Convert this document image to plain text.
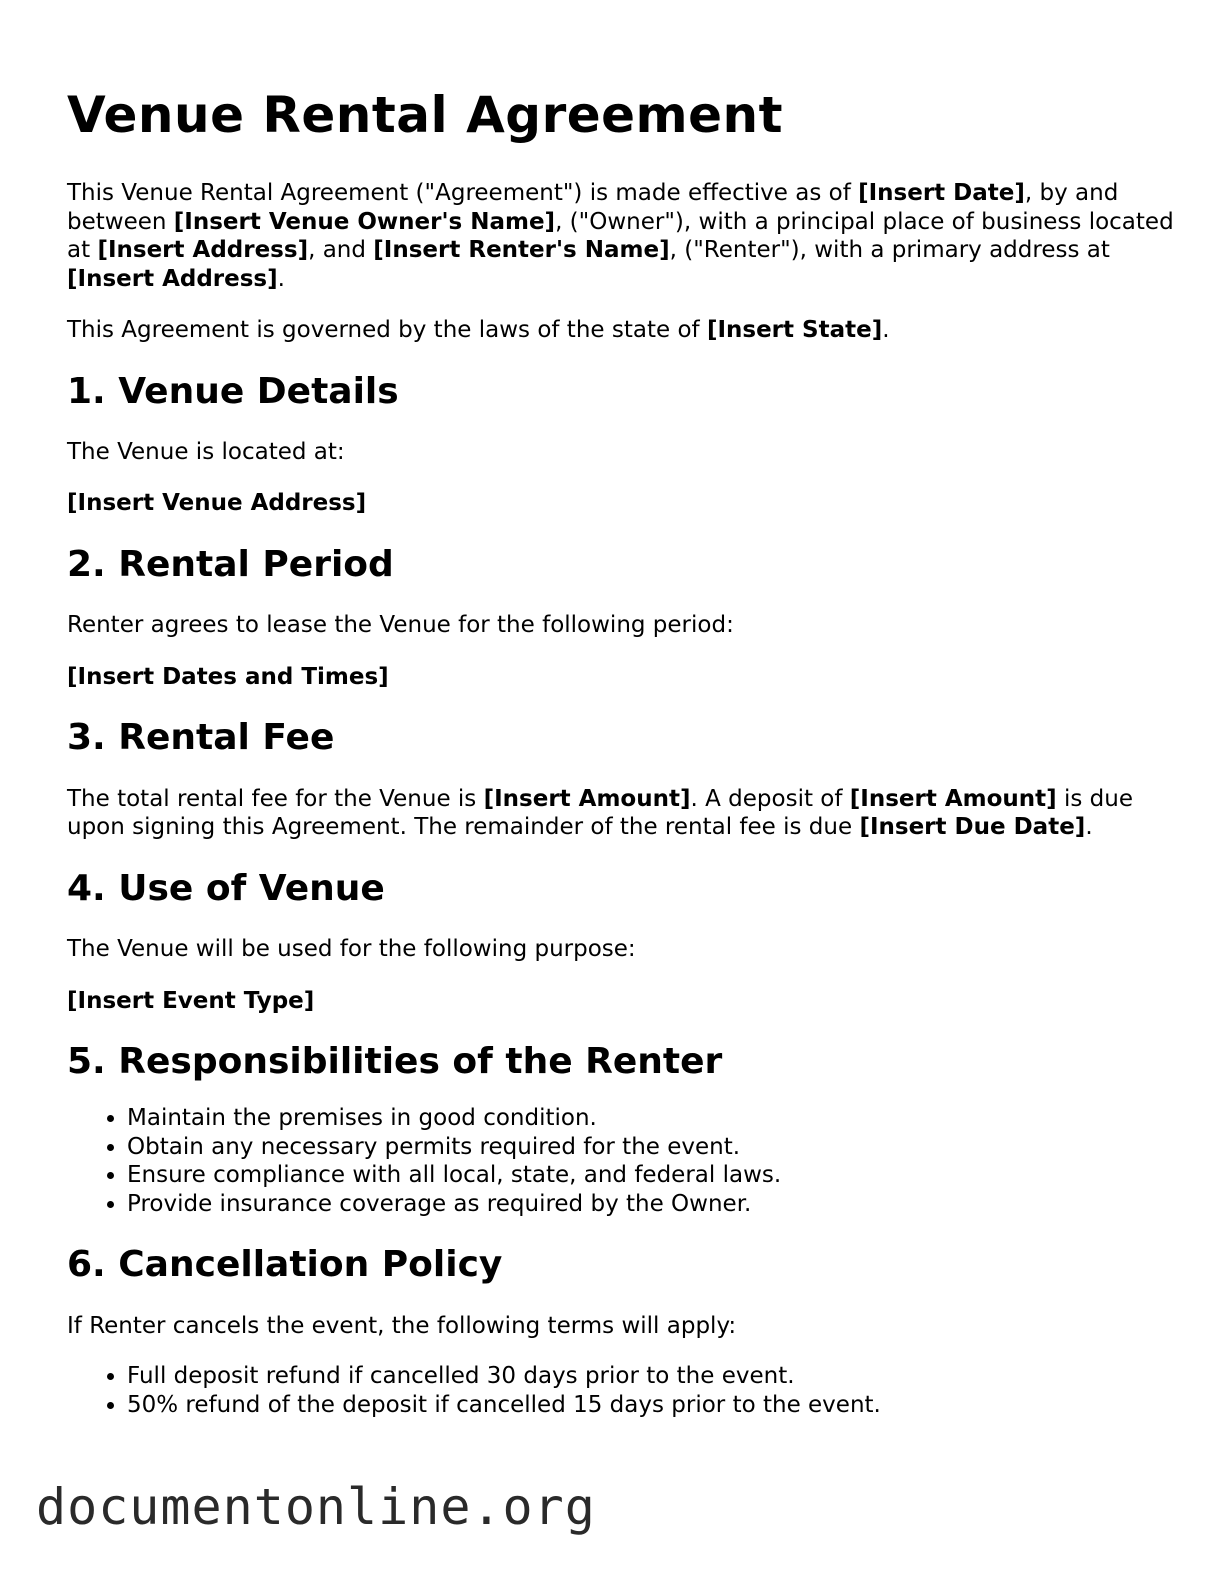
Venue Rental Agreement

This Venue Rental Agreement ("Agreement") is made effective as of [Insert Date], by and between [Insert Venue Owner's Name], ("Owner"), with a principal place of business located at [Insert Address], and [Insert Renter's Name], ("Renter"), with a primary address at [Insert Address].

This Agreement is governed by the laws of the state of [Insert State].

1. Venue Details

The Venue is located at:

[Insert Venue Address]

2. Rental Period

Renter agrees to lease the Venue for the following period:

[Insert Dates and Times]

3. Rental Fee

The total rental fee for the Venue is [Insert Amount]. A deposit of [Insert Amount] is due upon signing this Agreement. The remainder of the rental fee is due [Insert Due Date].

4. Use of Venue

The Venue will be used for the following purpose:

[Insert Event Type]

5. Responsibilities of the Renter
• Maintain the premises in good condition.
• Obtain any necessary permits required for the event.
• Ensure compliance with all local, state, and federal laws.
• Provide insurance coverage as required by the Owner.
6. Cancellation Policy

If Renter cancels the event, the following terms will apply:

• Full deposit refund if cancelled 30 days prior to the event.
• 50% refund of the deposit if cancelled 15 days prior to the event.
documentonline.org
